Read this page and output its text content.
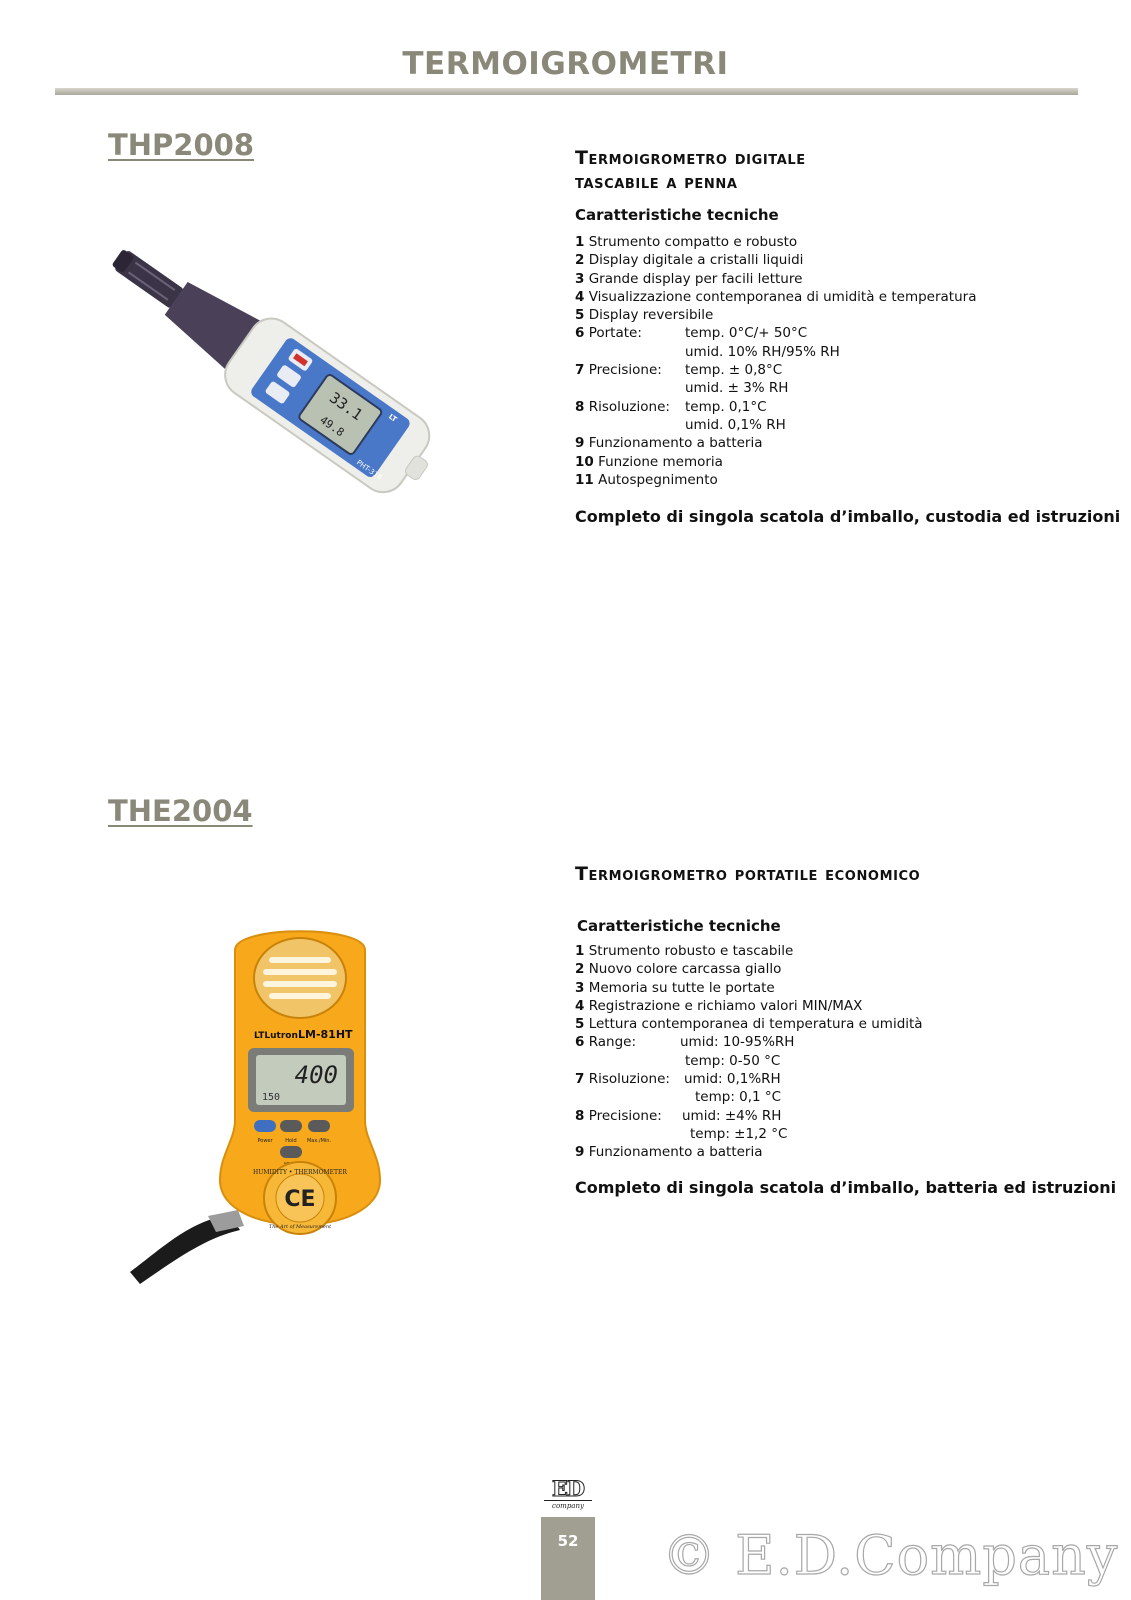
TERMOIGROMETRI
THP2008	Termoigrometro digitale
tascabile a penna
Caratteristiche tecniche
1 Strumento compatto e robusto
2 Display digitale a cristalli liquidi
3 Grande display per facili letture
4 Visualizzazione contemporanea di umidità e temperatura
5 Display reversibile
6 Portate:	temp. 0°C/+ 50°C

umid. 10% RH/95% RH
7 Precisione: temp. ± 0,8°C

umid. ± 3% RH
8 Risoluzione: temp. 0,1°C

umid. 0,1% RH
9 Funzionamento a batteria
10 Funzione memoria
11 Autospegnimento
Completo di singola scatola d’imballo, custodia ed istruzioni
33.1
49.8
PHT-318
LT
THE2004
Termoigrometro portatile economico
Caratteristiche tecniche
1 Strumento robusto e tascabile
2 Nuovo colore carcassa giallo
3 Memoria su tutte le portate
4 Registrazione e richiamo valori MIN/MAX
5 Lettura contemporanea di temperatura e umidità
6 Range:	umid: 10-95%RH

temp: 0-50 °C
7 Risoluzione: umid: 0,1%RH

temp: 0,1 °C
8 Precisione: umid: ±4% RH

temp: ±1,2 °C
9 Funzionamento a batteria
Completo di singola scatola d’imballo, batteria ed istruzioni
LTLutron LM-81HT
400
150
Power	Hold Max./Min.
CE
HUMIDITY • THERMOMETER
The Art of Measurement
ED
company
52	© E.D.Company
